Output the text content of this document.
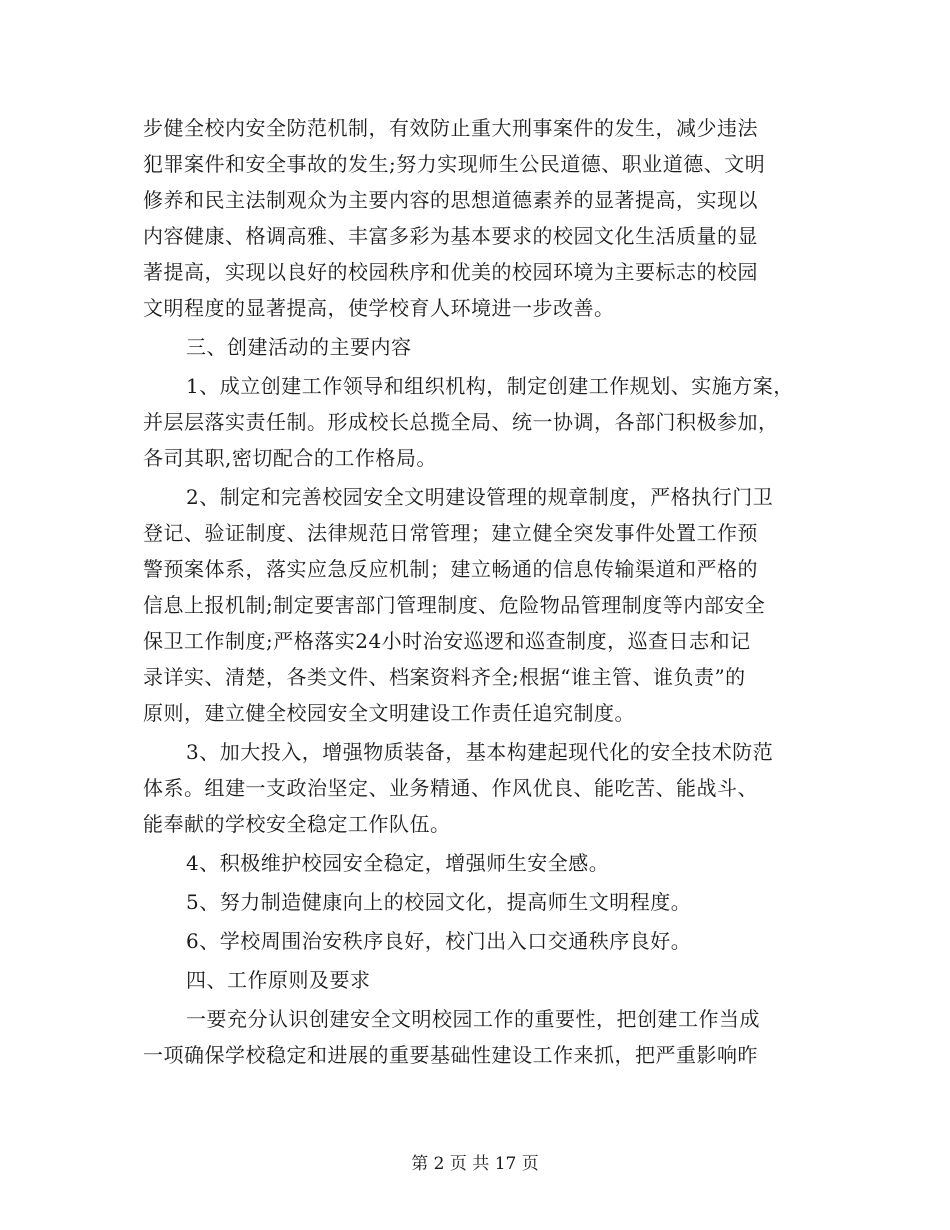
步健全校内安全防范机制，有效防止重大刑事案件的发生，减少违法
犯罪案件和安全事故的发生;努力实现师生公民道德、职业道德、文明
修养和民主法制观众为主要内容的思想道德素养的显著提高，实现以
内容健康、格调高雅、丰富多彩为基本要求的校园文化生活质量的显
著提高，实现以良好的校园秩序和优美的校园环境为主要标志的校园
文明程度的显著提高，使学校育人环境进一步改善。
三、创建活动的主要内容
1、成立创建工作领导和组织机构，制定创建工作规划、实施方案，
并层层落实责任制。形成校长总揽全局、统一协调，各部门积极参加，
各司其职,密切配合的工作格局。
2、制定和完善校园安全文明建设管理的规章制度，严格执行门卫
登记、验证制度、法律规范日常管理；建立健全突发事件处置工作预
警预案体系，落实应急反应机制；建立畅通的信息传输渠道和严格的
信息上报机制;制定要害部门管理制度、危险物品管理制度等内部安全
保卫工作制度;严格落实24小时治安巡逻和巡查制度，巡查日志和记
录详实、清楚，各类文件、档案资料齐全;根据“谁主管、谁负责”的
原则，建立健全校园安全文明建设工作责任追究制度。
3、加大投入，增强物质装备，基本构建起现代化的安全技术防范
体系。组建一支政治坚定、业务精通、作风优良、能吃苦、能战斗、
能奉献的学校安全稳定工作队伍。
4、积极维护校园安全稳定，增强师生安全感。
5、努力制造健康向上的校园文化，提高师生文明程度。
6、学校周围治安秩序良好，校门出入口交通秩序良好。
四、工作原则及要求
一要充分认识创建安全文明校园工作的重要性，把创建工作当成
一项确保学校稳定和进展的重要基础性建设工作来抓，把严重影响昨
第 2 页 共 17 页
